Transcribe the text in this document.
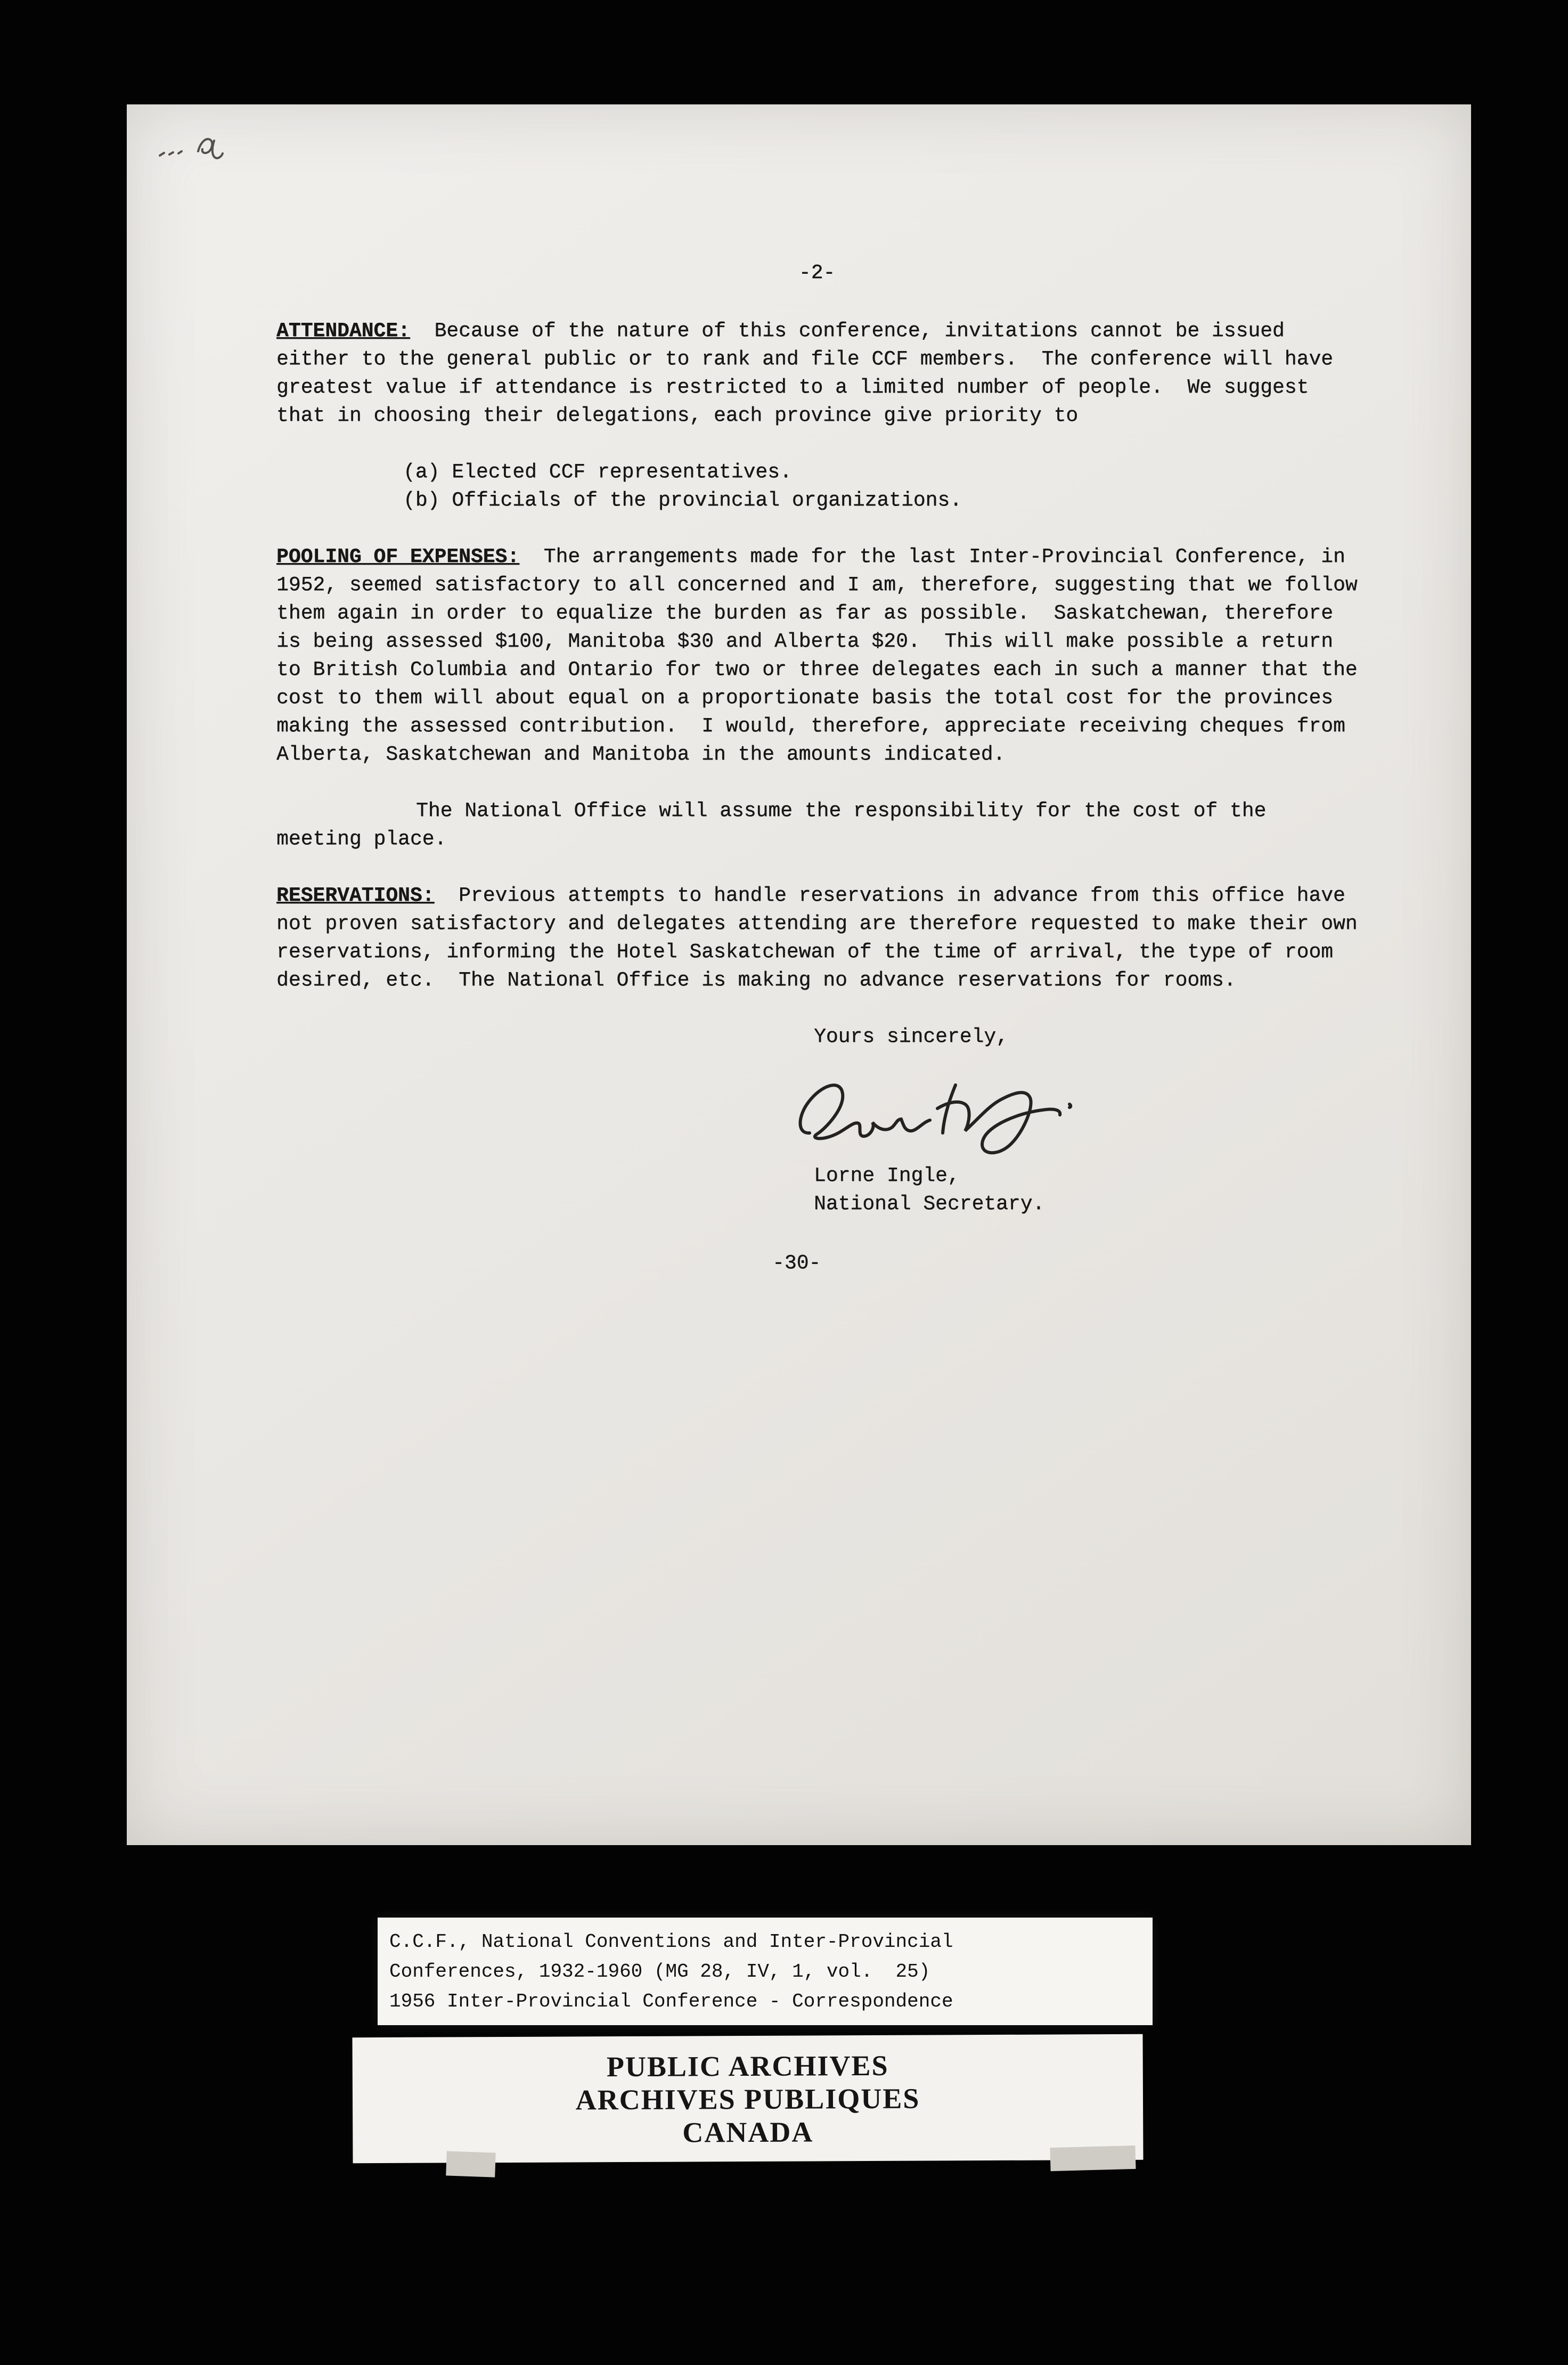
-2-

ATTENDANCE:  Because of the nature of this conference, invitations cannot be issued either to the general public or to rank and file CCF members.  The conference will have greatest value if attendance is restricted to a limited number of people.  We suggest that in choosing their delegations, each province give priority to

(a) Elected CCF representatives.
(b) Officials of the provincial organizations.

POOLING OF EXPENSES:  The arrangements made for the last Inter-Provincial Conference, in 1952, seemed satisfactory to all concerned and I am, therefore, suggesting that we follow them again in order to equalize the burden as far as possible.  Saskatchewan, therefore is being assessed $100, Manitoba $30 and Alberta $20.  This will make possible a return to British Columbia and Ontario for two or three delegates each in such a manner that the cost to them will about equal on a proportionate basis the total cost for the provinces making the assessed contribution.  I would, therefore, appreciate receiving cheques from Alberta, Saskatchewan and Manitoba in the amounts indicated.

The National Office will assume the responsibility for the cost of the meeting place.

RESERVATIONS:  Previous attempts to handle reservations in advance from this office have not proven satisfactory and delegates attending are therefore requested to make their own reservations, informing the Hotel Saskatchewan of the time of arrival, the type of room desired, etc.  The National Office is making no advance reservations for rooms.

Yours sincerely,
Lorne Ingle,
National Secretary.
-30-
C.C.F., National Conventions and Inter-Provincial
Conferences, 1932-1960 (MG 28, IV, 1, vol.  25)
1956 Inter-Provincial Conference - Correspondence
PUBLIC ARCHIVES
ARCHIVES PUBLIQUES
CANADA
